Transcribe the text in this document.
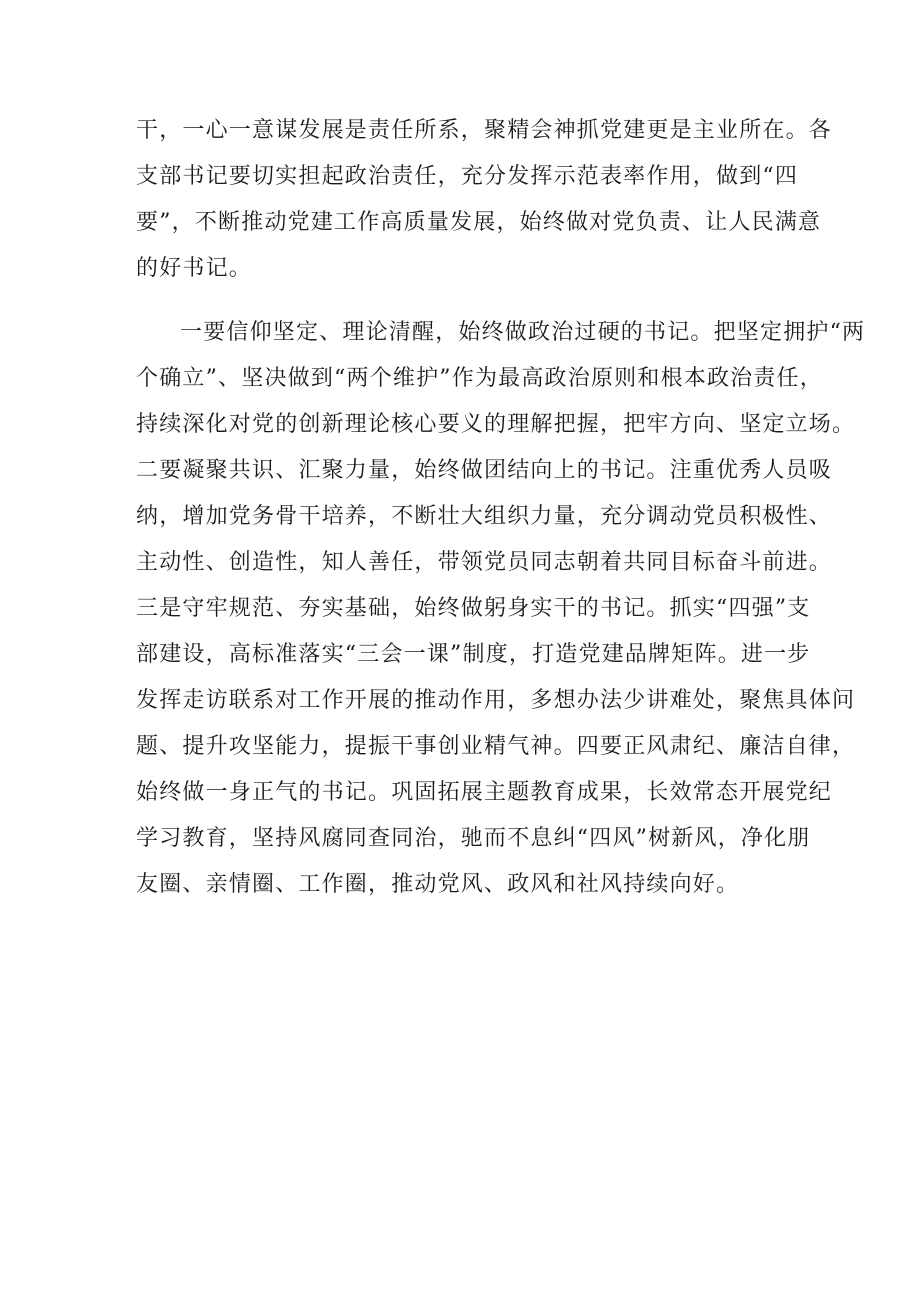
干，一心一意谋发展是责任所系，聚精会神抓党建更是主业所在。各
支部书记要切实担起政治责任，充分发挥示范表率作用，做到“四
要”，不断推动党建工作高质量发展，始终做对党负责、让人民满意
的好书记。
一要信仰坚定、理论清醒，始终做政治过硬的书记。把坚定拥护“两
个确立”、坚决做到“两个维护”作为最高政治原则和根本政治责任，
持续深化对党的创新理论核心要义的理解把握，把牢方向、坚定立场。
二要凝聚共识、汇聚力量，始终做团结向上的书记。注重优秀人员吸
纳，增加党务骨干培养，不断壮大组织力量，充分调动党员积极性、
主动性、创造性，知人善任，带领党员同志朝着共同目标奋斗前进。
三是守牢规范、夯实基础，始终做躬身实干的书记。抓实“四强”支
部建设，高标准落实“三会一课”制度，打造党建品牌矩阵。进一步
发挥走访联系对工作开展的推动作用，多想办法少讲难处，聚焦具体问
题、提升攻坚能力，提振干事创业精气神。四要正风肃纪、廉洁自律，
始终做一身正气的书记。巩固拓展主题教育成果，长效常态开展党纪
学习教育，坚持风腐同查同治，驰而不息纠“四风”树新风，净化朋
友圈、亲情圈、工作圈，推动党风、政风和社风持续向好。
